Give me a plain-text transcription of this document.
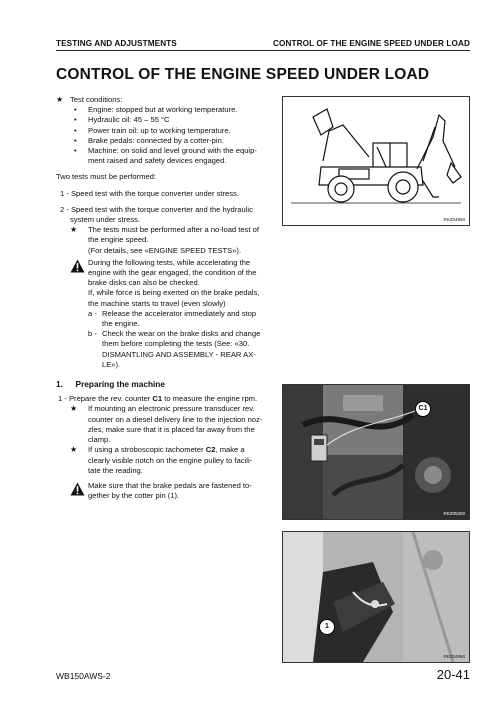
TESTING AND ADJUSTMENTS	CONTROL OF THE ENGINE SPEED UNDER LOAD
CONTROL OF THE ENGINE SPEED UNDER LOAD
★ Test conditions:
• Engine: stopped but at working temperature.
• Hydraulic oil: 45 – 55 °C
• Power train oil: up to working temperature.
• Brake pedals: connected by a cotter-pin.
• Machine: on solid and level ground with the equip-
ment raised and safety devices engaged.
Two tests must be performed:
1 - Speed test with the torque converter under stress.
2 - Speed test with the torque converter and the hydraulic
system under stress.
★ The tests must be performed after a no-load test of
the engine speed.
(For details, see «ENGINE SPEED TESTS»).
During the following tests, while accelerating the
engine with the gear engaged, the condition of the
brake disks can also be checked.
If, while force is being exerted on the brake pedals,
the machine starts to travel (even slowly)
a - Release the accelerator immediately and stop
the engine.
b - Check the wear on the brake disks and change
them before completing the tests (See: «30.
DISMANTLING AND ASSEMBLY - REAR AX-
LE»).
1. Preparing the machine
1 - Prepare the rev. counter C1 to measure the engine rpm.
★ If mounting an electronic pressure transducer rev.
counter on a diesel delivery line to the injection noz-
zles, make sure that it is placed far away from the
clamp.
★ If using a stroboscopic tachometer C2, make a
clearly visible notch on the engine pulley to facili-
tate the reading.
Make sure that the brake pedals are fastened to-
gether by the cotter pin (1).
RKZ04950
C1
RKZ05200
1
RKZ04960
WB150AWS-2	20-41
